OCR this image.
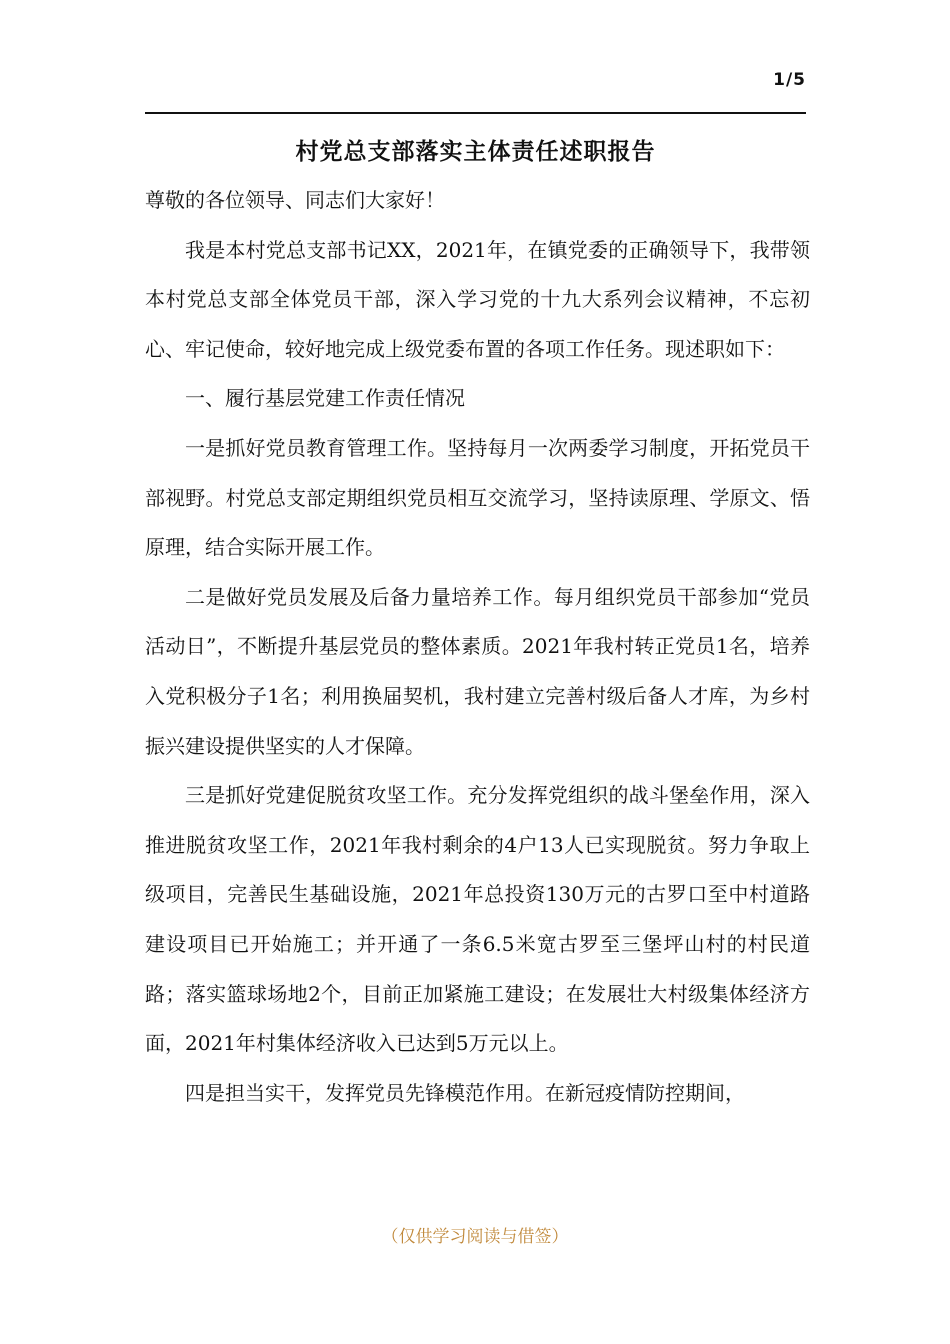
1/5
村党总支部落实主体责任述职报告

尊敬的各位领导、同志们大家好！

我是本村党总支部书记XX，2021年，在镇党委的正确领导下，我带领本村党总支部全体党员干部，深入学习党的十九大系列会议精神，不忘初心、牢记使命，较好地完成上级党委布置的各项工作任务。现述职如下：

一、履行基层党建工作责任情况

一是抓好党员教育管理工作。坚持每月一次两委学习制度，开拓党员干部视野。村党总支部定期组织党员相互交流学习，坚持读原理、学原文、悟原理，结合实际开展工作。

二是做好党员发展及后备力量培养工作。每月组织党员干部参加“党员活动日”，不断提升基层党员的整体素质。2021年我村转正党员1名，培养入党积极分子1名；利用换届契机，我村建立完善村级后备人才库，为乡村振兴建设提供坚实的人才保障。

三是抓好党建促脱贫攻坚工作。充分发挥党组织的战斗堡垒作用，深入推进脱贫攻坚工作，2021年我村剩余的4户13人已实现脱贫。努力争取上级项目，完善民生基础设施，2021年总投资130万元的古罗口至中村道路建设项目已开始施工；并开通了一条6.5米宽古罗至三堡坪山村的村民道路；落实篮球场地2个，目前正加紧施工建设；在发展壮大村级集体经济方面，2021年村集体经济收入已达到5万元以上。

四是担当实干，发挥党员先锋模范作用。在新冠疫情防控期间，

（仅供学习阅读与借签）
